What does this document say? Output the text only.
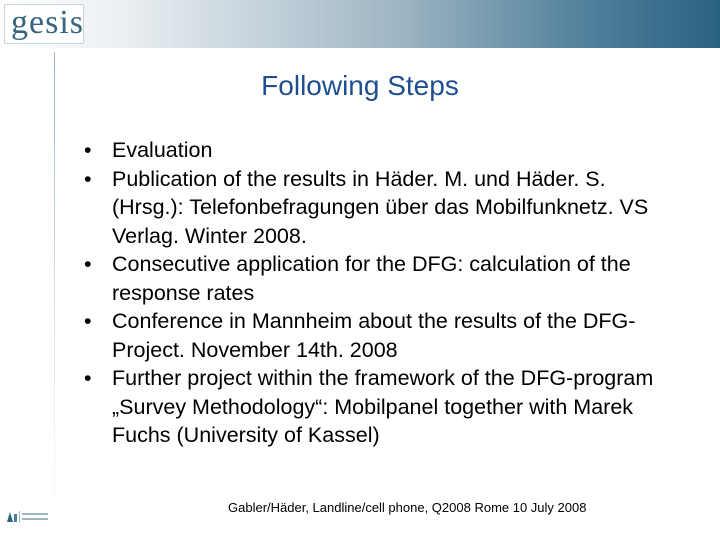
gesis
Following Steps
• Evaluation
• Publication of the results in Häder. M. und Häder. S. (Hrsg.): Telefonbefragungen über das Mobilfunknetz. VS Verlag. Winter 2008.
• Consecutive application for the DFG: calculation of the response rates
• Conference in Mannheim about the results of the DFG-Project. November 14th. 2008
• Further project within the framework of the DFG-program „Survey Methodology“: Mobilpanel together with Marek Fuchs (University of Kassel)
Gabler/Häder, Landline/cell phone, Q2008 Rome 10 July 2008
